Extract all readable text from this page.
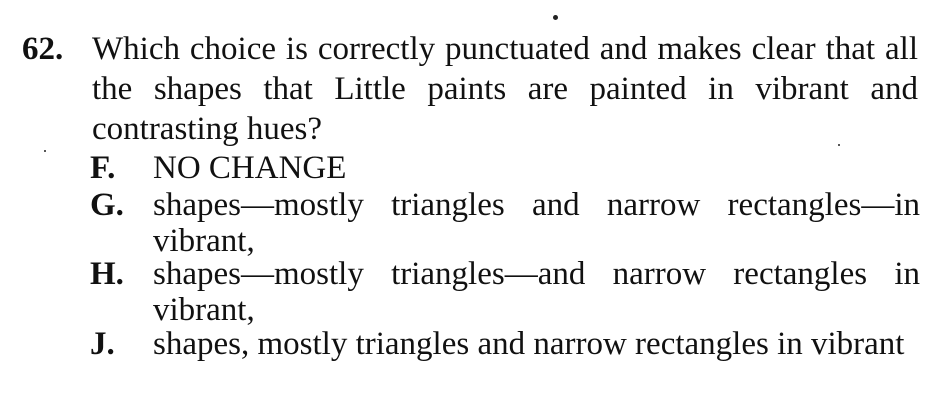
62. Which choice is correctly punctuated and makes clear that all the shapes that Little paints are painted in vibrant and contrasting hues?
F.	NO CHANGE
G. shapes—mostly triangles and narrow rectangles—in vibrant,
H. shapes—mostly triangles—and narrow rectangles in vibrant,
J.	shapes, mostly triangles and narrow rectangles in vibrant
